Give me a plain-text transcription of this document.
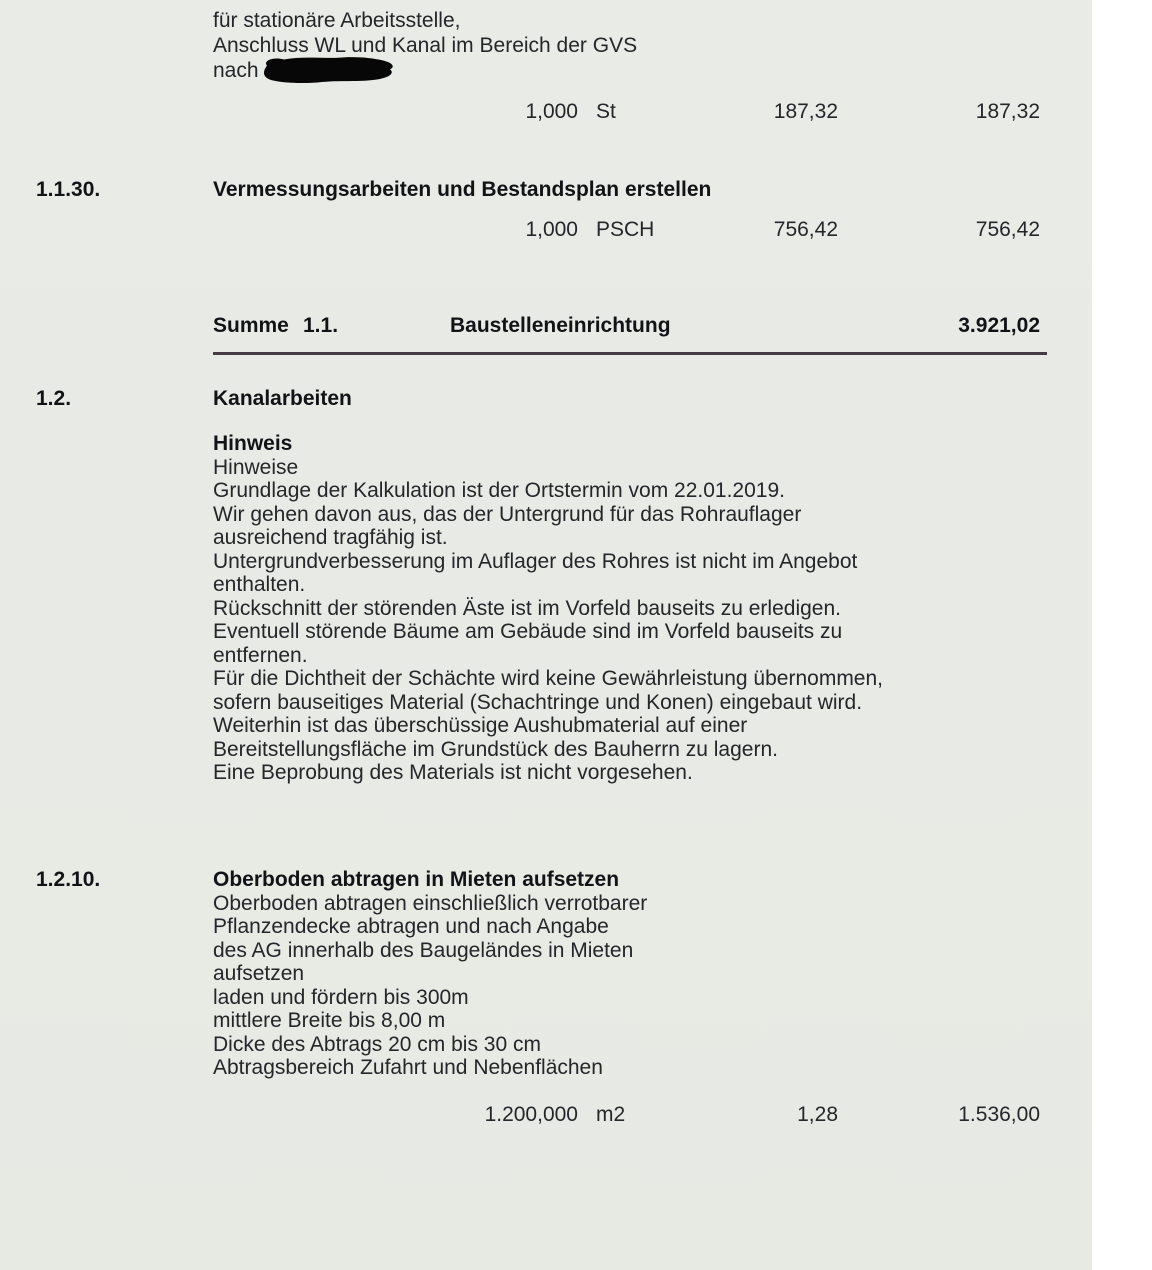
für stationäre Arbeitsstelle,

Anschluss WL und Kanal im Bereich der GVS

nach

1,000 St	187,32	187,32
1.1.30.	Vermessungsarbeiten und Bestandsplan erstellen
1,000 PSCH	756,42	756,42
Summe 1.1.	Baustelleneinrichtung	3.921,02
1.2.	Kanalarbeiten

Hinweis

Hinweise

Grundlage der Kalkulation ist der Ortstermin vom 22.01.2019.

Wir gehen davon aus, das der Untergrund für das Rohrauflager

ausreichend tragfähig ist.

Untergrundverbesserung im Auflager des Rohres ist nicht im Angebot

enthalten.

Rückschnitt der störenden Äste ist im Vorfeld bauseits zu erledigen.

Eventuell störende Bäume am Gebäude sind im Vorfeld bauseits zu

entfernen.

Für die Dichtheit der Schächte wird keine Gewährleistung übernommen,

sofern bauseitiges Material (Schachtringe und Konen) eingebaut wird.

Weiterhin ist das überschüssige Aushubmaterial auf einer

Bereitstellungsfläche im Grundstück des Bauherrn zu lagern.

Eine Beprobung des Materials ist nicht vorgesehen.

1.2.10.	Oberboden abtragen in Mieten aufsetzen

Oberboden abtragen einschließlich verrotbarer

Pflanzendecke abtragen und nach Angabe

des AG innerhalb des Baugeländes in Mieten

aufsetzen

laden und fördern bis 300m

mittlere Breite bis 8,00 m

Dicke des Abtrags 20 cm bis 30 cm

Abtragsbereich Zufahrt und Nebenflächen

1.200,000 m2	1,28	1.536,00
